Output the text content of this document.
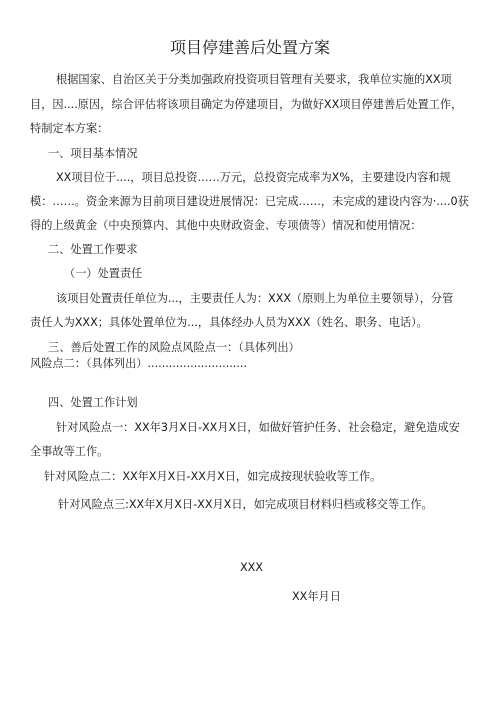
项目停建善后处置方案

根据国家、自治区关于分类加强政府投资项目管理有关要求，我单位实施的XX项

目，因....原因，综合评估将该项目确定为停建项目，为做好XX项目停建善后处置工作，

特制定本方案：

一、项目基本情况

XX项目位于....，项目总投资……万元，总投资完成率为X%，主要建设内容和规

模：……。资金来源为目前项目建设进展情况：已完成……，未完成的建设内容为·....0获

得的上级黄金（中央预算内、其他中央财政资金、专项债等）情况和使用情况：

二、处置工作要求

（一）处置责任

该项目处置责任单位为...，主要责任人为：XXX（原则上为单位主要领导），分管

责任人为XXX；具体处置单位为...，具体经办人员为XXX（姓名、职务、电话）。

三、善后处置工作的风险点风险点一：（具体列出）

风险点二：（具体列出）............................

四、处置工作计划

针对风险点一：XX年3月X日-XX月X日，如做好管护任务、社会稳定，避免造成安

全事故等工作。

针对风险点二：XX年X月X日-XX月X日，如完成按现状验收等工作。

针对风险点三:XX年X月X日-XX月X日，如完成项目材料归档或移交等工作。

XXX

XX年月日
